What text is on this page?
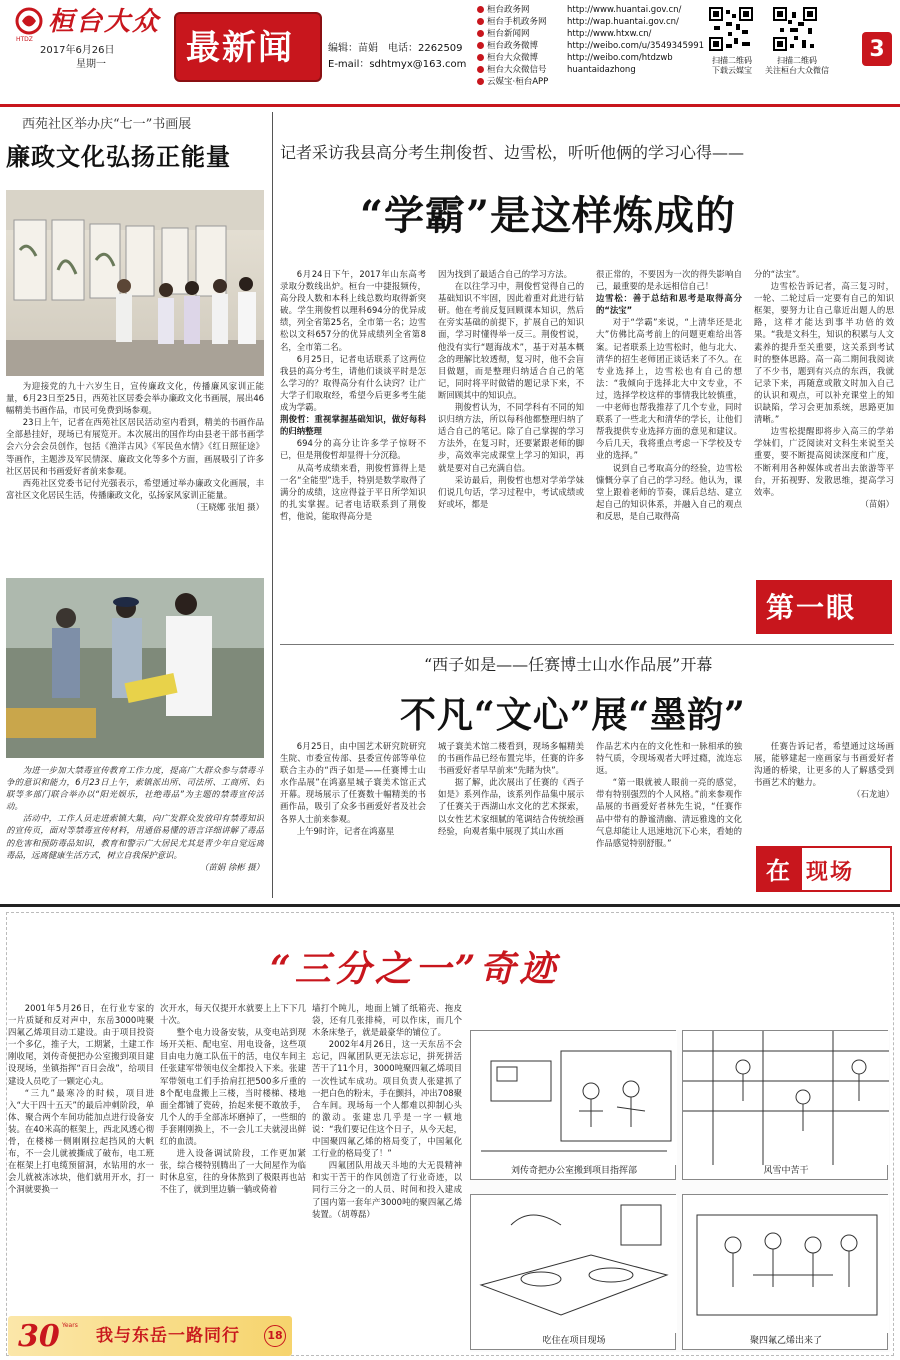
桓台大众
HTDZ
2017年6月26日
星期一 最新闻	编辑：苗娟　电话：2262509
E-mail：sdhtmyx@163.com
桓台政务网	http://www.huantai.gov.cn/
桓台手机政务网 http://wap.huantai.gov.cn/
桓台新闻网	http://www.htxw.cn/
桓台政务微博	http://weibo.com/u/3549345991
桓台大众微博	http://weibo.com/htdzwb
桓台大众微信号 huantaidazhong
云媒宝·桓台APP
扫描二维码
下载云媒宝
扫描二维码
关注桓台大众微信
3
西苑社区举办庆“七一”书画展
廉政文化弘扬正能量

为迎接党的九十六岁生日，宣传廉政文化，传播廉风家训正能量，6月23日至25日，西苑社区居委会举办廉政文化书画展，展出46幅精美书画作品，市民可免费到场参观。

23日上午，记者在西苑社区居民活动室内看到，精美的书画作品全部悬挂好，现场已有展览开。本次展出的国作均由县老干部书画学会六分会会员创作，包括《渔洋古风》《军民鱼水情》《红日照征途》等画作，主题涉及军民情深、廉政文化等多个方面，画展吸引了许多社区居民和书画爱好者前来参观。

西苑社区党委书记付光强表示，希望通过举办廉政文化画展，丰富社区文化居民生活，传播廉政文化，弘扬家风家训正能量。

（王晓娜 张旭 摄）

为进一步加大禁毒宣传教育工作力度，提高广大群众参与禁毒斗争的意识和能力，6月23日上午，索镇派出所、司法所、工商所、妇联等多部门联合举办以“阳光娱乐，社绝毒品”为主题的禁毒宣传活动。

活动中，工作人员走进索镇大集，向广发群众发放印有禁毒知识的宣传页，面对等禁毒宣传材料，用通俗易懂的语言详细讲解了毒品的危害和预防毒品知识，教育和警示广大居民尤其是青少年自觉远离毒品，远离健康生活方式，树立自我保护意识。

（苗娟 徐彬 摄）

记者采访我县高分考生荆俊哲、边雪松，听听他俩的学习心得——
“学霸”是这样炼成的

6月24日下午，2017年山东高考录取分数线出炉。桓台一中捷报频传，高分段人数和本科上线总数均取得新突破。学生荆俊哲以理科694分的优异成绩，列全省第25名，全市第一名；边雪松以文科657分的优异成绩列全省第8名，全市第二名。

6月25日，记者电话联系了这两位我县的高分考生，请他们谈谈平时是怎么学习的？取得高分有什么诀窍？让广大学子们取取经，希望今后更多考生能成为学霸。

荆俊哲：重视掌握基础知识，做好每科的归纳整理

694分的高分让许多学子惊呀不已，但是荆俊哲却显得十分沉稳。

从高考成绩来看，荆俊哲算得上是一名“全能型”选手，特别是数学取得了满分的成绩，这应得益于平日所学知识的扎实掌握。记者电话联系到了荆俊哲，他说，能取得高分是

因为找到了最适合自己的学习方法。

在以往学习中，荆俊哲觉得自己的基础知识不牢固，因此着重对此进行钻研。他在考前反复回顾课本知识，然后在旁实基础的前提下，扩展自己的知识面，学习时懂得举一反三。荆俊哲说，他没有实行“题海战术”，基于对基本概念的理解比较透彻，复习时，他不会盲目做题，而是整理归纳适合自己的笔记，同时将平时做错的题记录下来，不断回顾其中的知识点。

荆俊哲认为，不同学科有不同的知识归纳方法，所以每科他都整理归纳了适合自己的笔记。除了自己掌握的学习方法外，在复习时，还要紧跟老师的脚步，高效率完成课堂上学习的知识，再就是要对自己充满自信。

采访最后，荆俊哲也想对学弟学妹们说几句话，学习过程中，考试成绩或好或坏，都是

很正常的，不要因为一次的得失影响自己，最重要的是永远相信自己！

边雪松：善于总结和思考是取得高分的“法宝”

对于“学霸”来说，“上清华还是北大”仿佛比高考前上的问题更难给出答案。记者联系上边雪松时，他与北大、清华的招生老师团正谈话来了不久。在专业选择上，边雪松也有自己的想法：“我倾向于选择北大中文专业，不过，选择学校这样的事情我比较慎重，一中老师也帮我推荐了几个专业，同时联系了一些北大和清华的学长，让他们帮我提供专业选择方面的意见和建议。今后几天，我将重点考虑一下学校及专业的选择。”

说到自己考取高分的经验，边雪松慷慨分享了自己的学习经。他认为，课堂上跟着老师的节奏，课后总结、建立起自己的知识体系，并融入自己的观点和反思，是自己取得高

分的“法宝”。

边雪松告诉记者，高三复习时，一轮、二轮过后一定要有自己的知识框架，要努力让自己靠近出题人的思路，这样才能达到事半功倍的效果。“我是文科生，知识的积累与人文素养的提升至关重要，这关系到考试时的整体思路。高一高二期间我阅读了不少书，题到有兴点的东西，我就记录下来，再随意或散文时加入自己的认识和观点，可以补充课堂上的知识缺陷，学习会更加系统，思路更加清晰。”

边雪松提醒即将步入高三的学弟学妹们，广泛阅读对文科生来说至关重要，要不断提高阅读深度和广度，不断利用各种媒体或者出去旅游等平台，开拓视野、发散思维，提高学习效率。

（苗娟）

第一眼
“西子如是——任赛博士山水作品展”开幕
不凡“文心”展“墨韵”

6月25日，由中国艺术研究院研究生院、市委宣传部、县委宣传部等单位联合主办的“西子如是——任赛博士山水作品展”在鸿嘉星城子寰美术馆正式开幕。现场展示了任赛数十幅精美的书画作品，吸引了众多书画爱好者及社会各界人士前来参观。

上午9时许，记者在鸿嘉星

城子寰美术馆二楼看到，现场多幅精美的书画作品已经布置完毕，任赛的许多书画爱好者早早前来“先睹为快”。

据了解，此次展出了任赛的《西子如是》系列作品，该系列作品集中展示了任赛关于西湖山水文化的艺术探索，以女性艺术家细腻的笔调结合传统绘画经验，向观者集中展现了其山水画

作品艺术内在的文化性和一脉相承的独特气质，令现场观者大呼过瘾，流连忘返。

“第一眼就被人眼前一亮的感觉，带有特别强烈的个人风格。”前来参观作品展的书画爱好者林先生说，“任赛作品中带有的静谧清幽、清远雅逸的文化气息却能让人迅速地沉下心来，看她的作品感觉特别舒服。”

任赛告诉记者，希望通过这场画展，能够建起一座画家与书画爱好者沟通的桥梁，让更多的人了解感受到书画艺术的魅力。

（石龙迪）

在现场
“三分之一”奇迹

2001年5月26日，在行业专家的一片质疑和反对声中，东岳3000吨聚四氟乙烯项目动工建设。由于项目投资一个多亿，推子大，工期紧，土建工作刚收尾，刘传奇便把办公室搬到项目建设现场，坐镇指挥“百日会战”，给项目建设人员吃了一颗定心丸。

“三九”最寒冷的时候，项目进入“大干四十五天”的最后冲刺阶段，单体、聚合两个车间功能加点进行设备安装。在40米高的框架上，西北风透心彻骨，在楼梯一侧刚刚拉起挡风的大帆布，不一会儿就被撕成了破布，电工班在框架上打电缆预留洞，水钻用的水一会儿就被冻冰块，他们就用开水，打一个洞就要换一

次开水，每天仅提开水就要上上下下几十次。

整个电力设备安装，从变电站到现场开关柜、配电室、用电设备，这些项目由电力施工队伍干的活，电仪车间主任张建军带领电仪全都投入下来。张建军带领电工们手抬肩扛把500多斤重的8个配电盘搬上三楼，当时楼梯、楼地面全都铺了瓷砖，抬起来便不敢放手，几个人的手全部冻坏磨掉了，一些细的手套刚刚换上，不一会儿工夫就浸出鲜红的血渍。

进入设备调试阶段，工作更加紧张，综合楼特别腾出了一大间屋作为临时休息室，往的身体熬到了极限再也站不住了，就到里边躺一躺或倚着

墙打个盹儿，地面上铺了纸箱壳、拖皮袋，还有几张排椅，可以作床，而几个木条床垫子，就是最豪华的铺位了。

2002年4月26日，这一天东岳不会忘记，四氟团队更无法忘记，拼死拼活苦干了11个月，3000吨聚四氟乙烯项目一次性试车成功。项目负责人张建抓了一把白色的粉末，手在颤抖，冲出708聚合车间。现场每一个人都难以抑制心头的激动。张建忠几乎是一字一顿地说：“我们要记住这个日子，从今天起，中国聚四氟乙烯的格局变了，中国氟化工行业的格局变了！”

四氟团队用战天斗地的大无畏精神和实干苦干的作风创造了行业奇迹，以同行三分之一的人员、时间和投入建成了国内第一套年产3000吨的聚四氟乙烯装置。（胡尊磊）

刘传奇把办公室搬到项目指挥部	风雪中苦干
吃住在项目现场	聚四氟乙烯出来了
30 Years
我与东岳一路同行	18
